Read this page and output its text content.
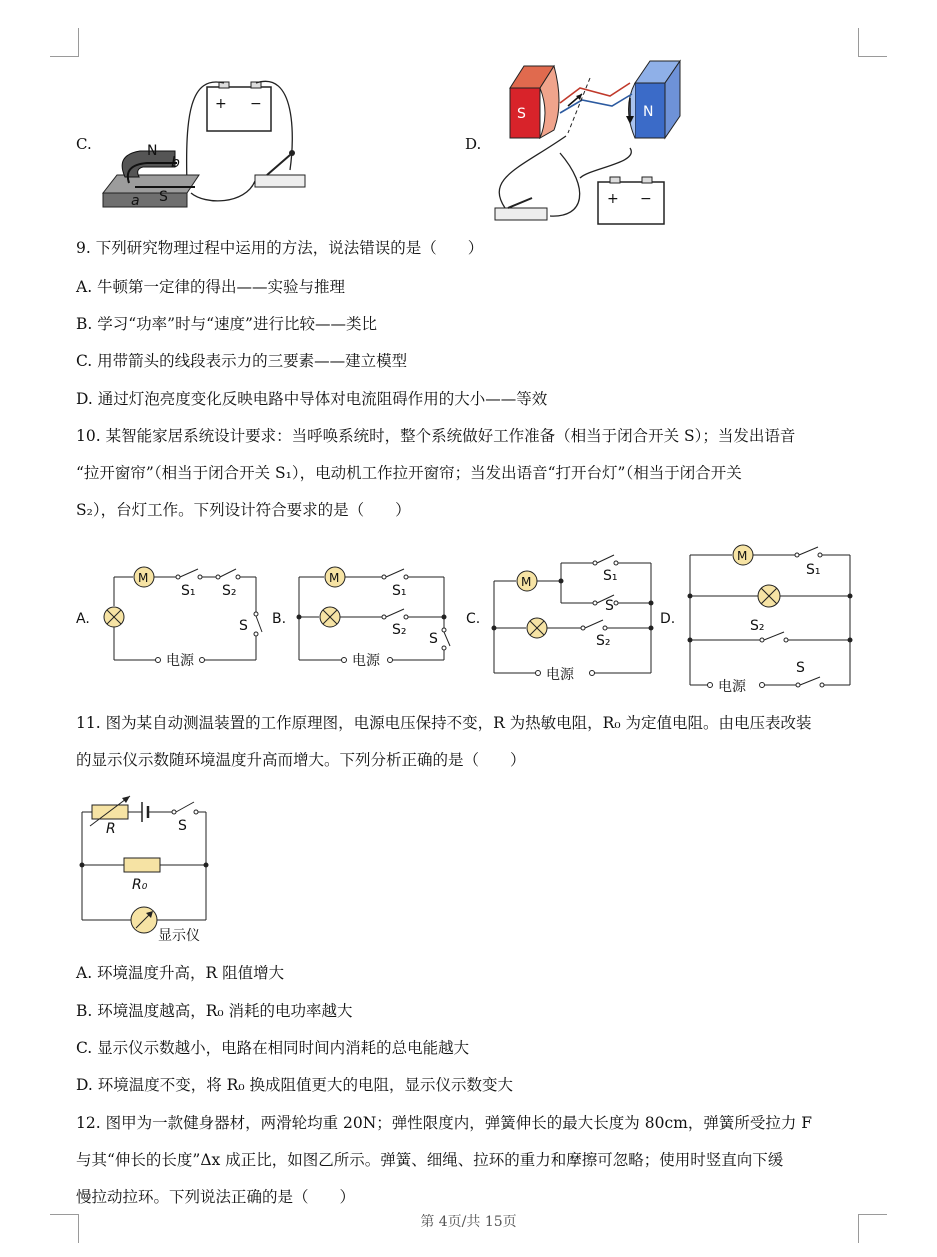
C.
+ −
N
b
S
a
D.
S	N
+ −
9. 下列研究物理过程中运用的方法，说法错误的是（　　）
A. 牛顿第一定律的得出——实验与推理
B. 学习“功率”时与“速度”进行比较——类比
C. 用带箭头的线段表示力的三要素——建立模型
D. 通过灯泡亮度变化反映电路中导体对电流阻碍作用的大小——等效
10. 某智能家居系统设计要求：当呼唤系统时，整个系统做好工作准备（相当于闭合开关 S）；当发出语音
“拉开窗帘”（相当于闭合开关 S₁），电动机工作拉开窗帘；当发出语音“打开台灯”（相当于闭合开关
S₂），台灯工作。下列设计符合要求的是（　　）
A.
M
S₁ S₂
S
电源
B.
M
S₁
S₂
S
电源
C.
M	S₁
S
S₂
电源
D.
M
S₁
S₂
电源
S
11. 图为某自动测温装置的工作原理图，电源电压保持不变，R 为热敏电阻，R₀ 为定值电阻。由电压表改装
的显示仪示数随环境温度升高而增大。下列分析正确的是（　　）
R	S
R₀
显示仪
A. 环境温度升高，R 阻值增大
B. 环境温度越高，R₀ 消耗的电功率越大
C. 显示仪示数越小，电路在相同时间内消耗的总电能越大
D. 环境温度不变，将 R₀ 换成阻值更大的电阻，显示仪示数变大
12. 图甲为一款健身器材，两滑轮均重 20N；弹性限度内，弹簧伸长的最大长度为 80cm，弹簧所受拉力 F
与其“伸长的长度”Δx 成正比，如图乙所示。弹簧、细绳、拉环的重力和摩擦可忽略；使用时竖直向下缓
慢拉动拉环。下列说法正确的是（　　）
第 4页/共 15页
